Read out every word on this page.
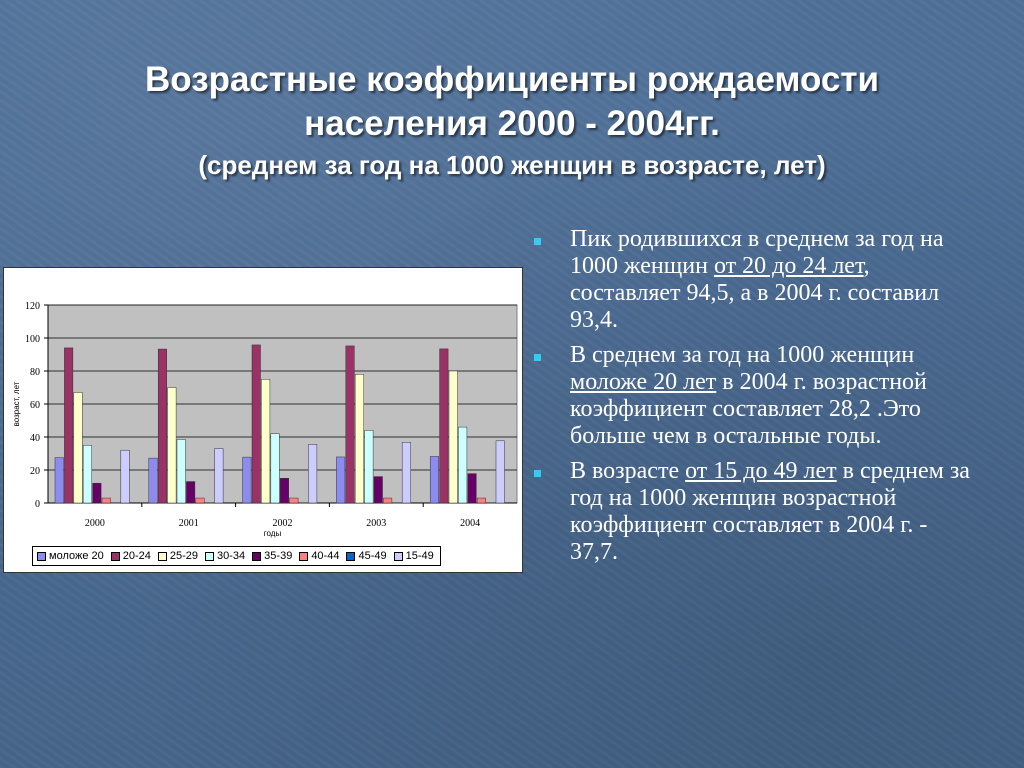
Возрастные коэффициенты рождаемости
населения 2000 - 2004гг.
(среднем за год на 1000 женщин в возрасте, лет)
0
20
40
60
80
100
120
2000	2001	2002	2003	2004
годы
возраст, лет
моложе 20 20-24 25-29 30-34 35-39 40-44 45-49 15-49
Пик родившихся в среднем за год на 1000 женщин от 20 до 24 лет, составляет 94,5, а в 2004 г. составил 93,4.
В среднем за год на 1000 женщин моложе 20 лет в 2004 г. возрастной коэффициент составляет 28,2 .Это больше чем в остальные годы.
В возрасте от 15 до 49 лет в среднем за год на 1000 женщин возрастной коэффициент составляет в 2004 г. - 37,7.
